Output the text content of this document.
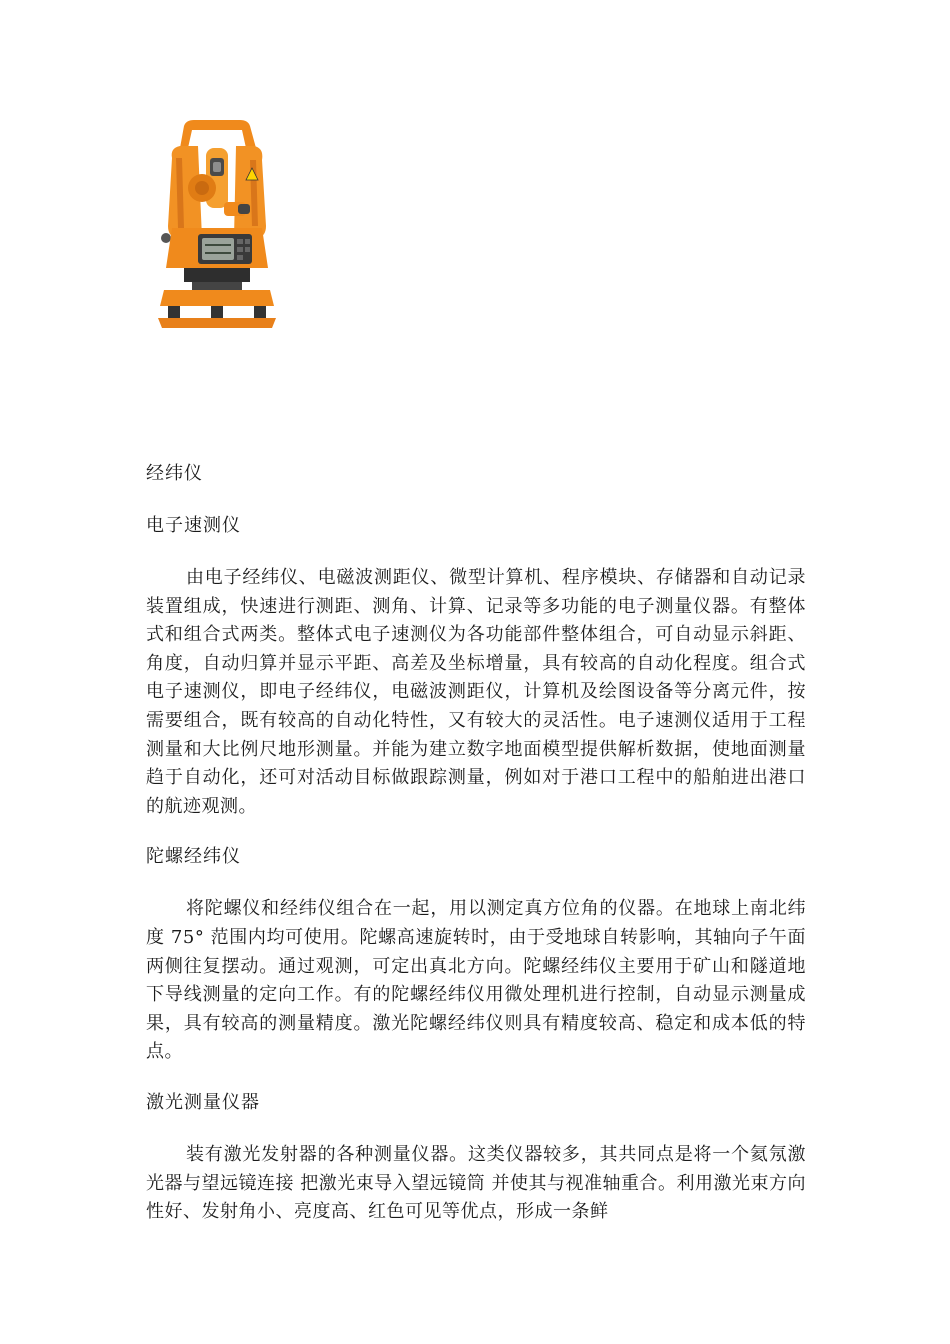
经纬仪

电子速测仪

由电子经纬仪、电磁波测距仪、微型计算机、程序模块、存储器和自动记录装置组成，快速进行测距、测角、计算、记录等多功能的电子测量仪器。有整体式和组合式两类。整体式电子速测仪为各功能部件整体组合，可自动显示斜距、角度，自动归算并显示平距、高差及坐标增量，具有较高的自动化程度。组合式电子速测仪，即电子经纬仪，电磁波测距仪，计算机及绘图设备等分离元件，按需要组合，既有较高的自动化特性，又有较大的灵活性。电子速测仪适用于工程测量和大比例尺地形测量。并能为建立数字地面模型提供解析数据，使地面测量趋于自动化，还可对活动目标做跟踪测量，例如对于港口工程中的船舶进出港口的航迹观测。

陀螺经纬仪

将陀螺仪和经纬仪组合在一起，用以测定真方位角的仪器。在地球上南北纬度 75° 范围内均可使用。陀螺高速旋转时，由于受地球自转影响，其轴向子午面两侧往复摆动。通过观测，可定出真北方向。陀螺经纬仪主要用于矿山和隧道地下导线测量的定向工作。有的陀螺经纬仪用微处理机进行控制，自动显示测量成果，具有较高的测量精度。激光陀螺经纬仪则具有精度较高、稳定和成本低的特点。

激光测量仪器

装有激光发射器的各种测量仪器。这类仪器较多，其共同点是将一个氦氖激光器与望远镜连接 把激光束导入望远镜筒 并使其与视准轴重合。利用激光束方向性好、发射角小、亮度高、红色可见等优点，形成一条鲜
